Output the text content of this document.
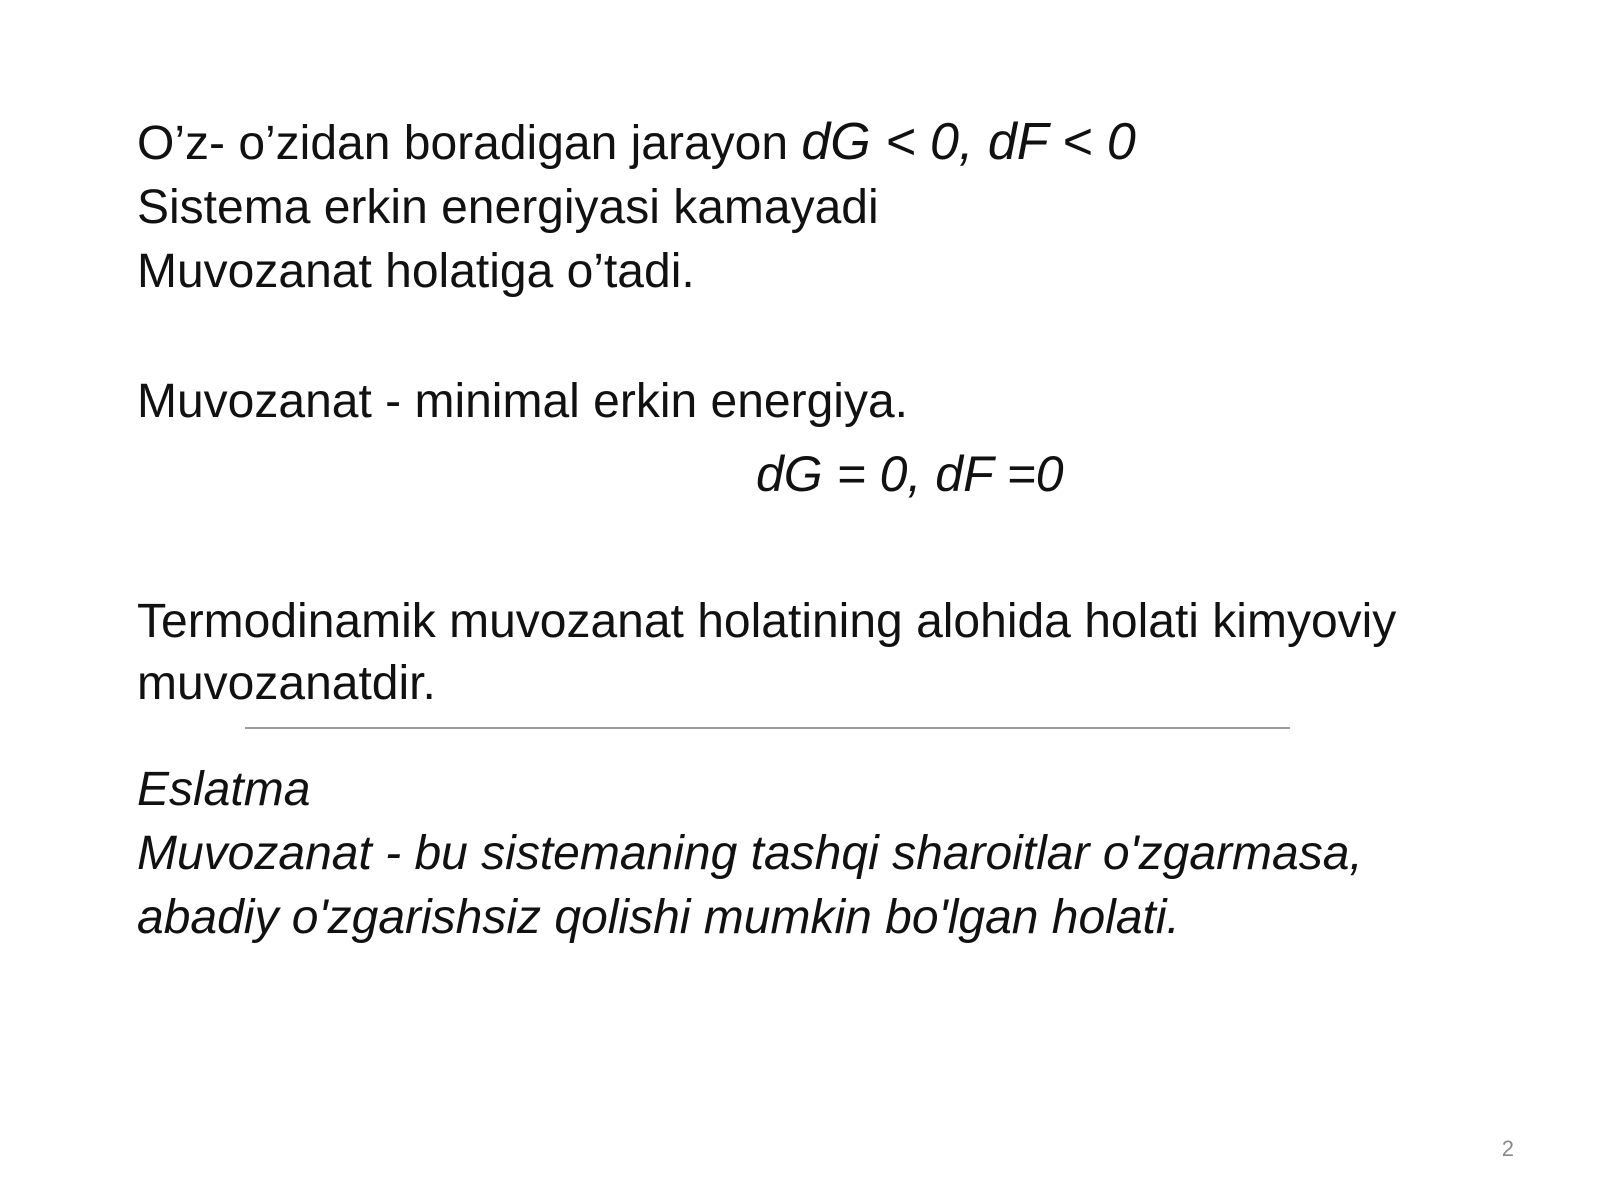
O’z- o’zidan boradigan jarayon dG < 0, dF < 0
Sistema erkin energiyasi kamayadi
Muvozanat holatiga o’tadi.
Muvozanat - minimal erkin energiya.
dG = 0, dF =0
Termodinamik muvozanat holatining alohida holati kimyoviy
muvozanatdir.
Eslatma
Muvozanat - bu sistemaning tashqi sharoitlar o'zgarmasa,
abadiy o'zgarishsiz qolishi mumkin bo'lgan holati.
2
